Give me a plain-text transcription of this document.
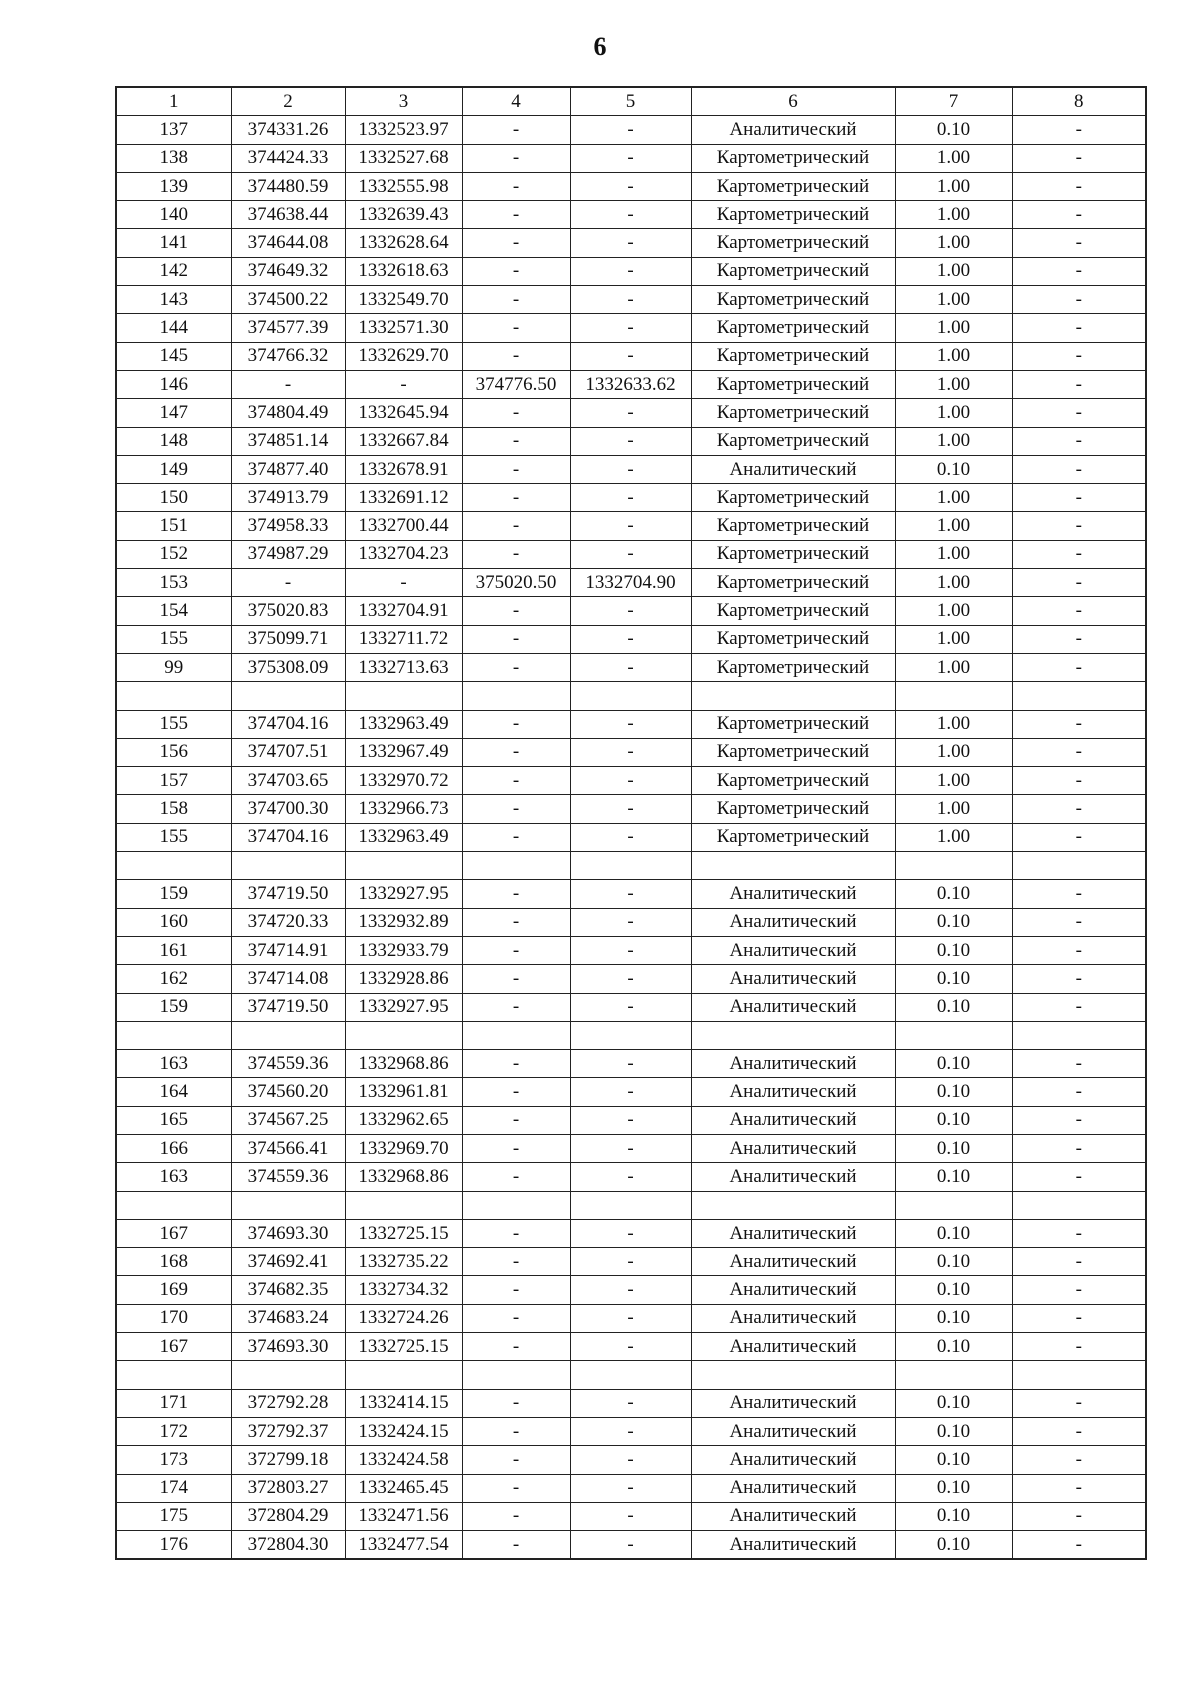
6
1	2	3	4	5	6	7	8
137	374331.26	1332523.97	-	-	Аналитический	0.10	-
138	374424.33	1332527.68	-	-	Картометрический	1.00	-
139	374480.59	1332555.98	-	-	Картометрический	1.00	-
140	374638.44	1332639.43	-	-	Картометрический	1.00	-
141	374644.08	1332628.64	-	-	Картометрический	1.00	-
142	374649.32	1332618.63	-	-	Картометрический	1.00	-
143	374500.22	1332549.70	-	-	Картометрический	1.00	-
144	374577.39	1332571.30	-	-	Картометрический	1.00	-
145	374766.32	1332629.70	-	-	Картометрический	1.00	-
146	-	-	374776.50	1332633.62	Картометрический	1.00	-
147	374804.49	1332645.94	-	-	Картометрический	1.00	-
148	374851.14	1332667.84	-	-	Картометрический	1.00	-
149	374877.40	1332678.91	-	-	Аналитический	0.10	-
150	374913.79	1332691.12	-	-	Картометрический	1.00	-
151	374958.33	1332700.44	-	-	Картометрический	1.00	-
152	374987.29	1332704.23	-	-	Картометрический	1.00	-
153	-	-	375020.50	1332704.90	Картометрический	1.00	-
154	375020.83	1332704.91	-	-	Картометрический	1.00	-
155	375099.71	1332711.72	-	-	Картометрический	1.00	-
99	375308.09	1332713.63	-	-	Картометрический	1.00	-

155	374704.16	1332963.49	-	-	Картометрический	1.00	-
156	374707.51	1332967.49	-	-	Картометрический	1.00	-
157	374703.65	1332970.72	-	-	Картометрический	1.00	-
158	374700.30	1332966.73	-	-	Картометрический	1.00	-
155	374704.16	1332963.49	-	-	Картометрический	1.00	-

159	374719.50	1332927.95	-	-	Аналитический	0.10	-
160	374720.33	1332932.89	-	-	Аналитический	0.10	-
161	374714.91	1332933.79	-	-	Аналитический	0.10	-
162	374714.08	1332928.86	-	-	Аналитический	0.10	-
159	374719.50	1332927.95	-	-	Аналитический	0.10	-

163	374559.36	1332968.86	-	-	Аналитический	0.10	-
164	374560.20	1332961.81	-	-	Аналитический	0.10	-
165	374567.25	1332962.65	-	-	Аналитический	0.10	-
166	374566.41	1332969.70	-	-	Аналитический	0.10	-
163	374559.36	1332968.86	-	-	Аналитический	0.10	-

167	374693.30	1332725.15	-	-	Аналитический	0.10	-
168	374692.41	1332735.22	-	-	Аналитический	0.10	-
169	374682.35	1332734.32	-	-	Аналитический	0.10	-
170	374683.24	1332724.26	-	-	Аналитический	0.10	-
167	374693.30	1332725.15	-	-	Аналитический	0.10	-

171	372792.28	1332414.15	-	-	Аналитический	0.10	-
172	372792.37	1332424.15	-	-	Аналитический	0.10	-
173	372799.18	1332424.58	-	-	Аналитический	0.10	-
174	372803.27	1332465.45	-	-	Аналитический	0.10	-
175	372804.29	1332471.56	-	-	Аналитический	0.10	-
176	372804.30	1332477.54	-	-	Аналитический	0.10	-
